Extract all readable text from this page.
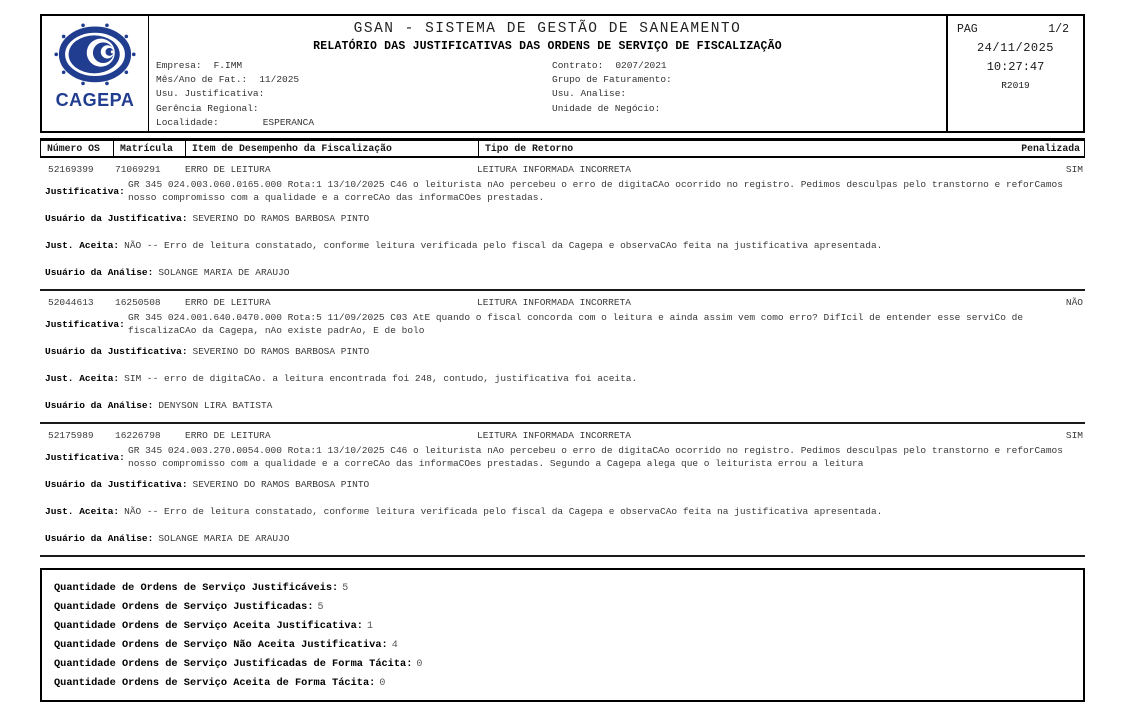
CAGEPA
GSAN - SISTEMA DE GESTÃO DE SANEAMENTO
RELATÓRIO DAS JUSTIFICATIVAS DAS ORDENS DE SERVIÇO DE FISCALIZAÇÃO
Empresa: F.IMM
Mês/Ano de Fat.: 11/2025
Usu. Justificativa:
Gerência Regional:
Localidade:	ESPERANCA
Contrato: 0207/2021
Grupo de Faturamento:
Usu. Analise:
Unidade de Negócio:
PAG	1/2
24/11/2025
10:27:47
R2019
Número OS	Matrícula	Item de Desempenho da Fiscalização	Tipo de Retorno	Penalizada
52169399	71069291	ERRO DE LEITURA	LEITURA INFORMADA INCORRETA	SIM
Justificativa:
GR 345 024.003.060.0165.000 Rota:1 13/10/2025 C46 o leiturista nAo percebeu o erro de digitaCAo ocorrido no registro. Pedimos desculpas pelo transtorno e reforCamos nosso compromisso com a qualidade e a correCAo das informaCOes prestadas.
Usuário da Justificativa: SEVERINO DO RAMOS BARBOSA PINTO
Just. Aceita: NÃO -- Erro de leitura constatado, conforme leitura verificada pelo fiscal da Cagepa e observaCAo feita na justificativa apresentada.
Usuário da Análise: SOLANGE MARIA DE ARAUJO
52044613	16250508	ERRO DE LEITURA	LEITURA INFORMADA INCORRETA	NÃO
Justificativa:
GR 345 024.001.640.0470.000 Rota:5 11/09/2025 C03 AtE quando o fiscal concorda com o leitura e ainda assim vem como erro? DifIcil de entender esse serviCo de fiscalizaCAo da Cagepa, nAo existe padrAo, E de bolo
Usuário da Justificativa: SEVERINO DO RAMOS BARBOSA PINTO
Just. Aceita: SIM -- erro de digitaCAo. a leitura encontrada foi 248, contudo, justificativa foi aceita.
Usuário da Análise: DENYSON LIRA BATISTA
52175989	16226798	ERRO DE LEITURA	LEITURA INFORMADA INCORRETA	SIM
Justificativa:
GR 345 024.003.270.0054.000 Rota:1 13/10/2025 C46 o leiturista nAo percebeu o erro de digitaCAo ocorrido no registro. Pedimos desculpas pelo transtorno e reforCamos nosso compromisso com a qualidade e a correCAo das informaCOes prestadas. Segundo a Cagepa alega que o leiturista errou a leitura
Usuário da Justificativa: SEVERINO DO RAMOS BARBOSA PINTO
Just. Aceita: NÃO -- Erro de leitura constatado, conforme leitura verificada pelo fiscal da Cagepa e observaCAo feita na justificativa apresentada.
Usuário da Análise: SOLANGE MARIA DE ARAUJO
Quantidade de Ordens de Serviço Justificáveis: 5
Quantidade Ordens de Serviço Justificadas: 5
Quantidade Ordens de Serviço Aceita Justificativa: 1
Quantidade Ordens de Serviço Não Aceita Justificativa: 4
Quantidade Ordens de Serviço Justificadas de Forma Tácita: 0
Quantidade Ordens de Serviço Aceita de Forma Tácita: 0
